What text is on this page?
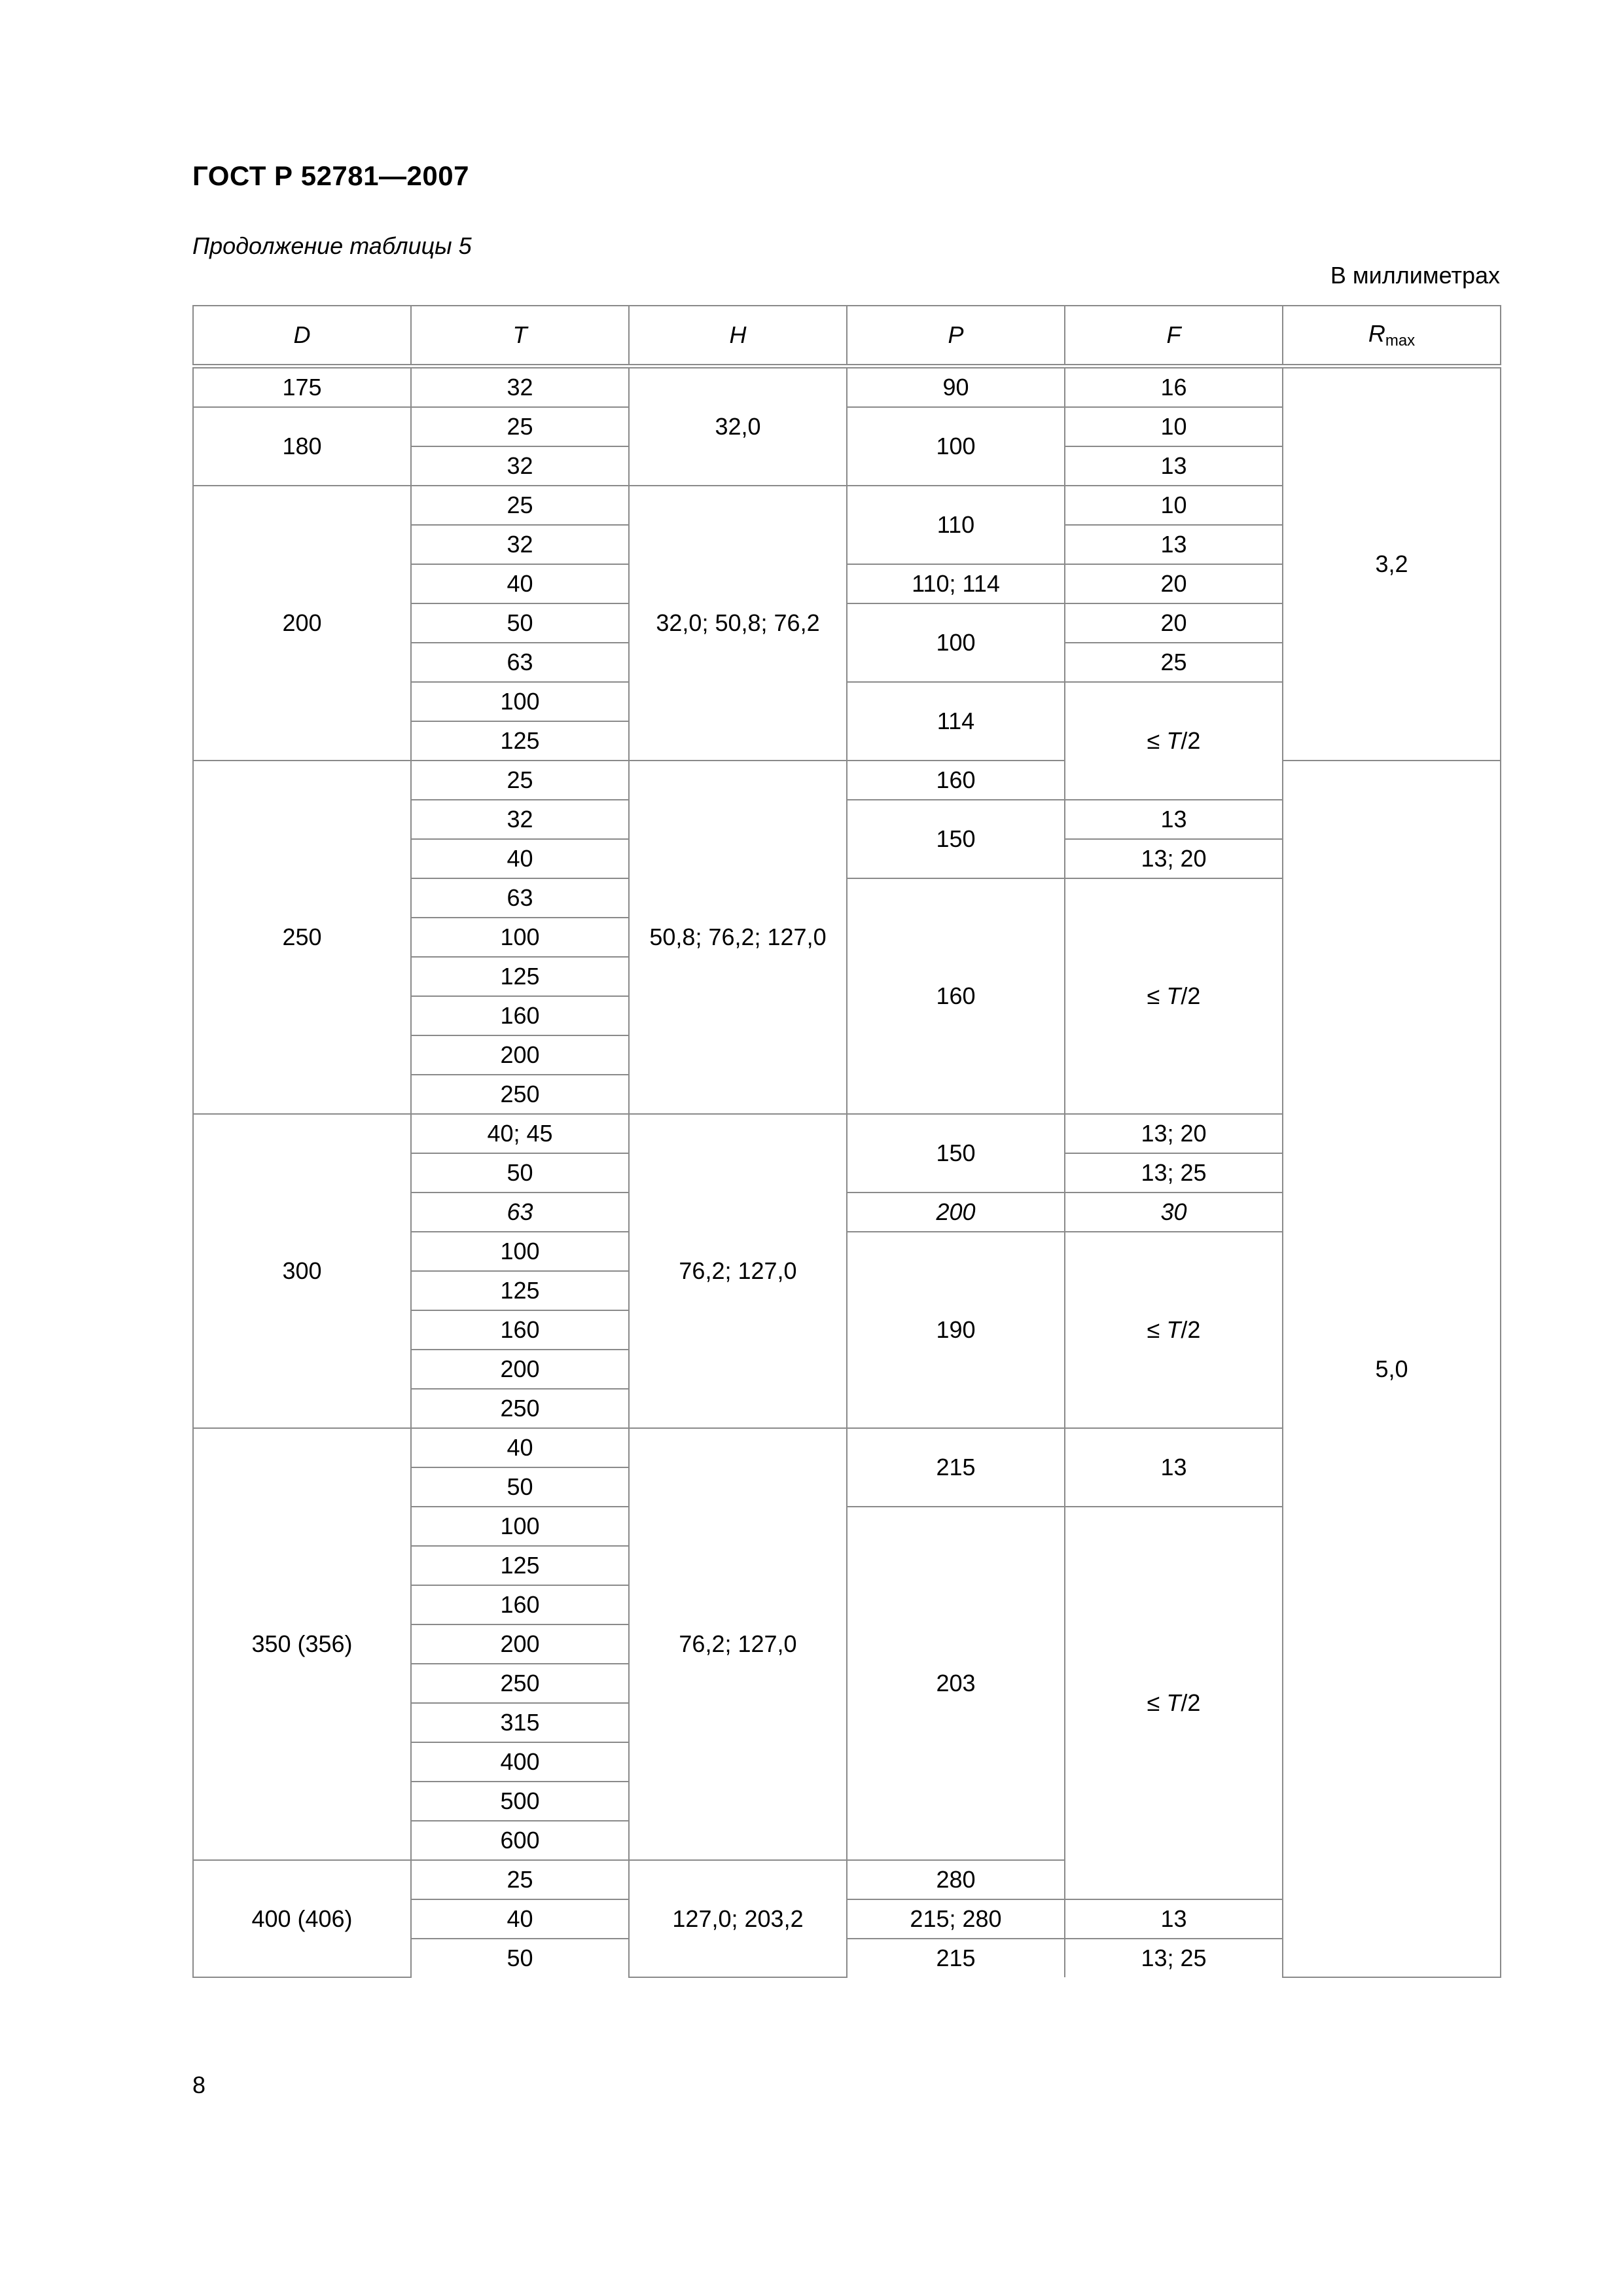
ГОСТ Р 52781—2007
Продолжение таблицы 5
В миллиметрах
D	T	H	P	F	$R_{max}$
175	32	32,0	90	16	3,2
180	25		100	10	
	32			13	
200	25	32,0; 50,8; 76,2	110	10	
	32			13	
	40		110; 114	20	
	50		100	20	
	63			25	
	100		114	≤ T/2	
	125				
250	25	50,8; 76,2; 127,0	160		5,0
	32		150	13	
	40			13; 20	
	63		160	≤ T/2	
	100				
	125				
	160				
	200				
	250				
300	40; 45	76,2; 127,0	150	13; 20	
	50			13; 25	
	63		200	30	
	100		190	≤ T/2	
	125				
	160				
	200				
	250				
350 (356)	40	76,2; 127,0	215	13	
	50				
	100		203	≤ T/2	
	125				
	160				
	200				
	250				
	315				
	400				
	500				
	600				
400 (406)	25	127,0; 203,2	280		
	40		215; 280	13	
	50		215	13; 25	
8
